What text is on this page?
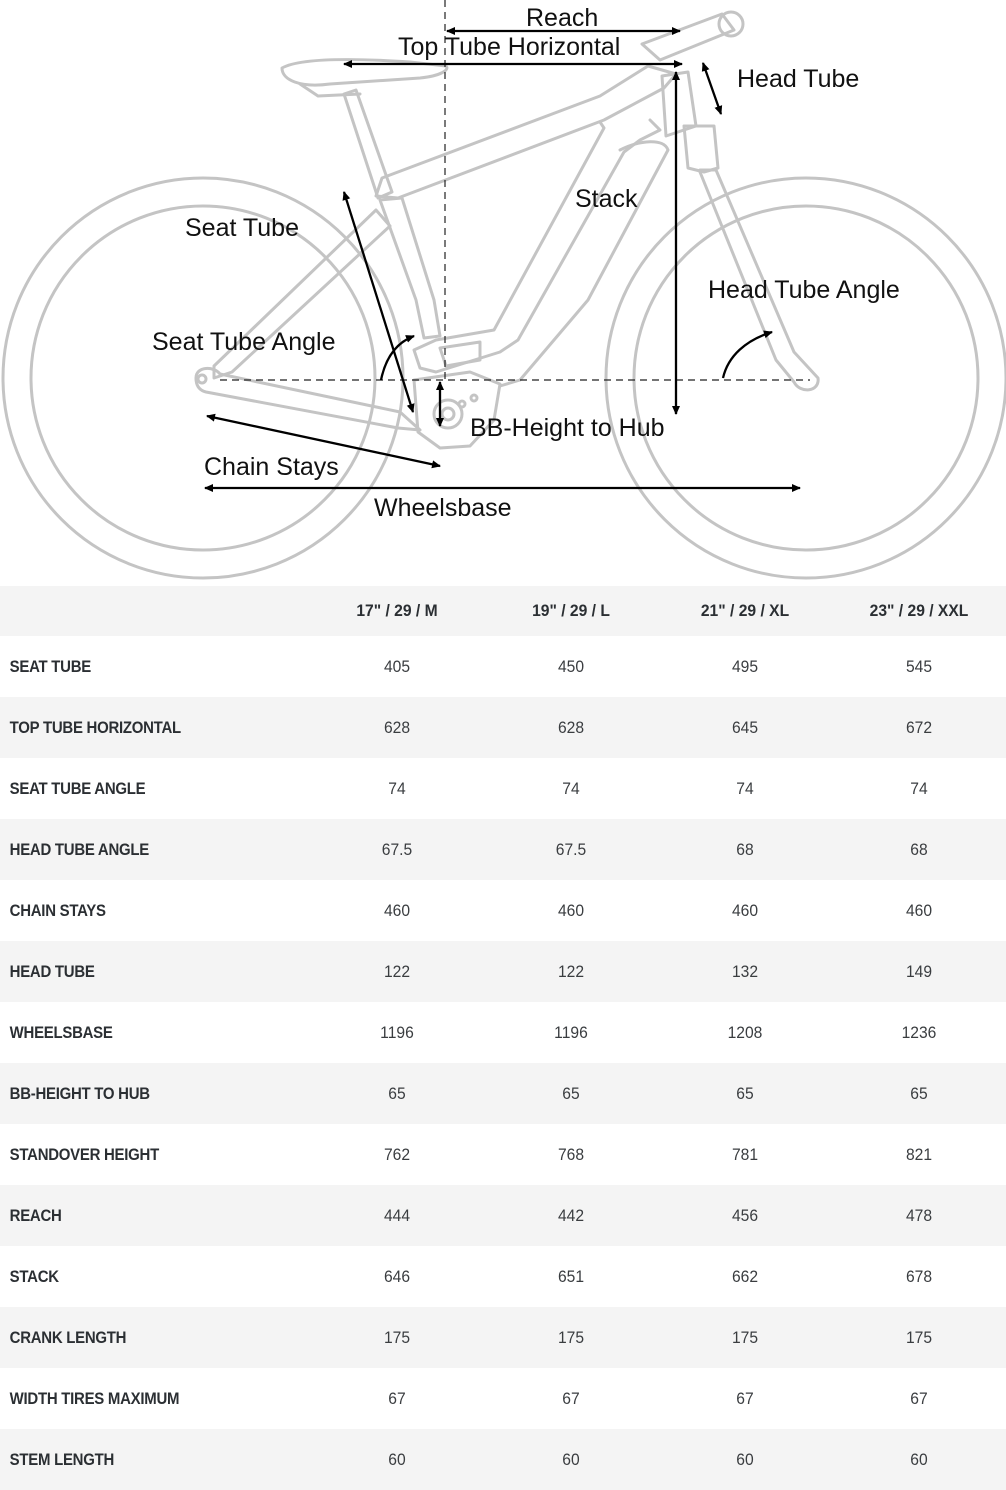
Reach
Top Tube Horizontal
Head Tube
Stack
Seat Tube
Head Tube Angle
Seat Tube Angle
BB-Height to Hub
Chain Stays
Wheelsbase
17" / 29 / M	19" / 29 / L	21" / 29 / XL	23" / 29 / XXL
SEAT TUBE	405	450	495	545
TOP TUBE HORIZONTAL	628	628	645	672
SEAT TUBE ANGLE	74	74	74	74
HEAD TUBE ANGLE	67.5	67.5	68	68
CHAIN STAYS	460	460	460	460
HEAD TUBE	122	122	132	149
WHEELSBASE	1196	1196	1208	1236
BB-HEIGHT TO HUB	65	65	65	65
STANDOVER HEIGHT	762	768	781	821
REACH	444	442	456	478
STACK	646	651	662	678
CRANK LENGTH	175	175	175	175
WIDTH TIRES MAXIMUM	67	67	67	67
STEM LENGTH	60	60	60	60
